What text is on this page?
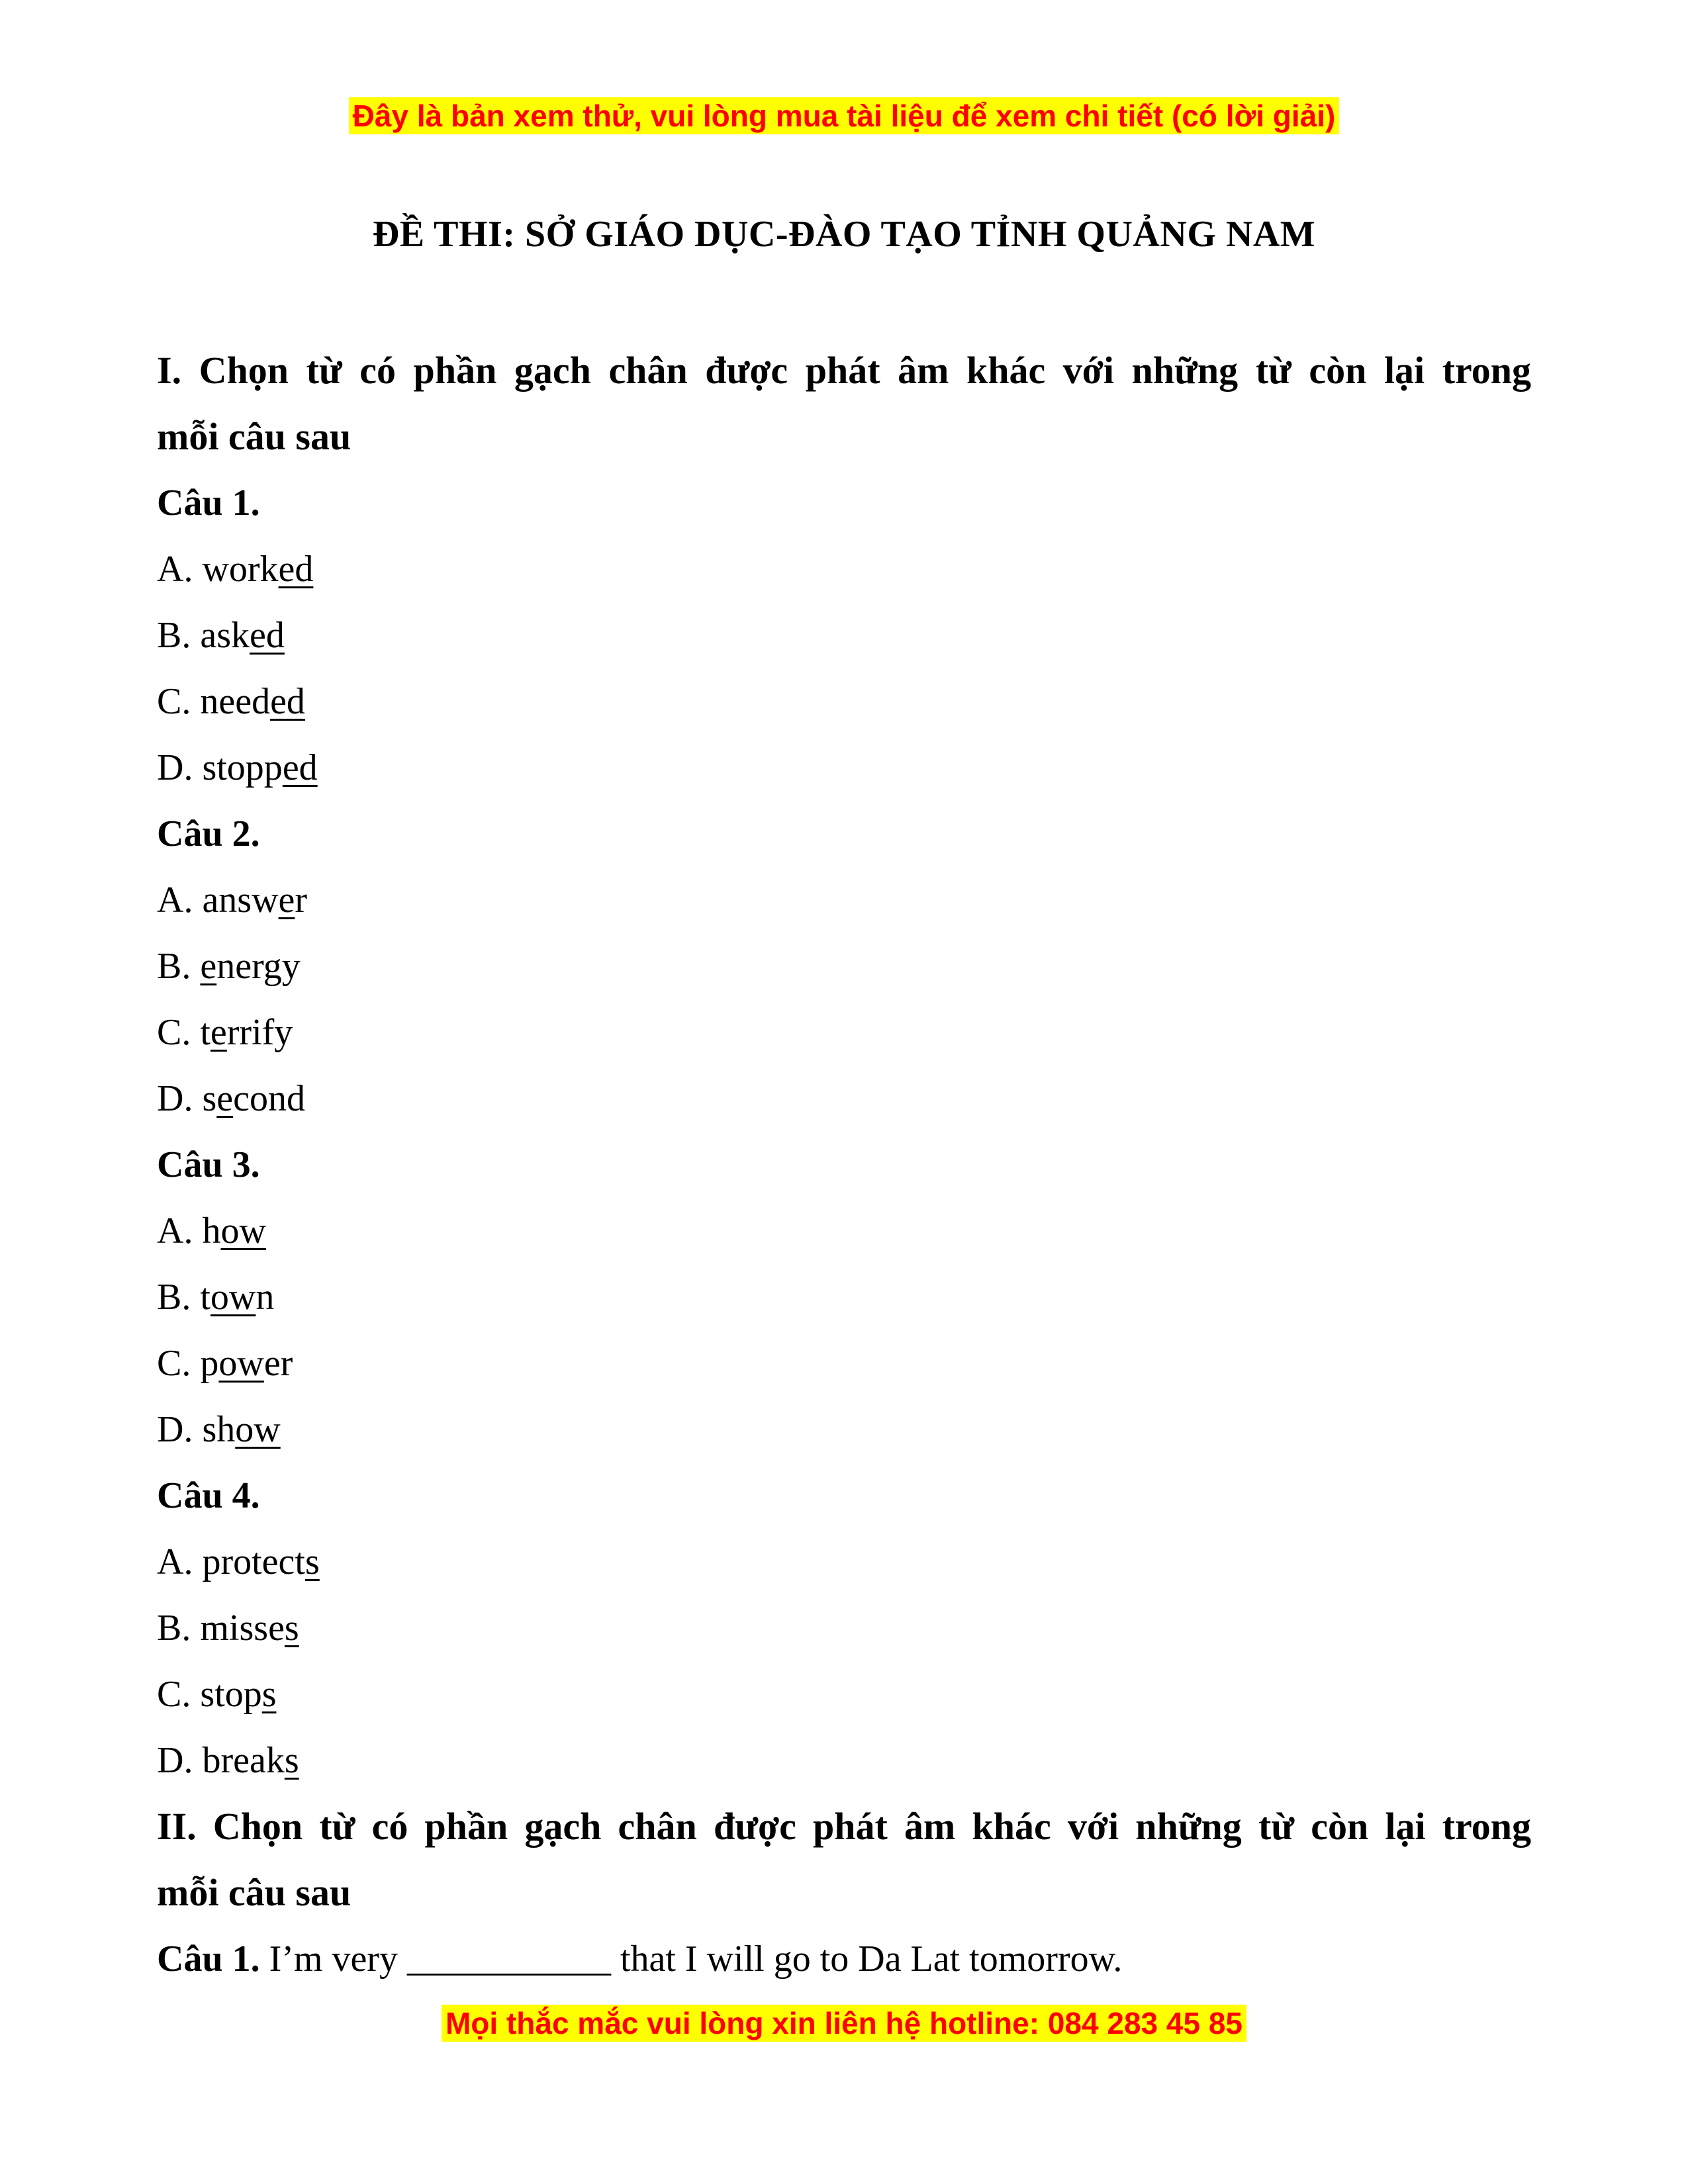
Đây là bản xem thử, vui lòng mua tài liệu để xem chi tiết (có lời giải)
ĐỀ THI: SỞ GIÁO DỤC-ĐÀO TẠO TỈNH QUẢNG NAM
I. Chọn từ có phần gạch chân được phát âm khác với những từ còn lại trong
mỗi câu sau
Câu 1.
A. worked
B. asked
C. needed
D. stopped
Câu 2.
A. answer
B. energy
C. terrify
D. second
Câu 3.
A. how
B. town
C. power
D. show
Câu 4.
A. protects
B. misses
C. stops
D. breaks
II. Chọn từ có phần gạch chân được phát âm khác với những từ còn lại trong
mỗi câu sau
Câu 1. I’m very ___________ that I will go to Da Lat tomorrow.
Mọi thắc mắc vui lòng xin liên hệ hotline: 084 283 45 85
